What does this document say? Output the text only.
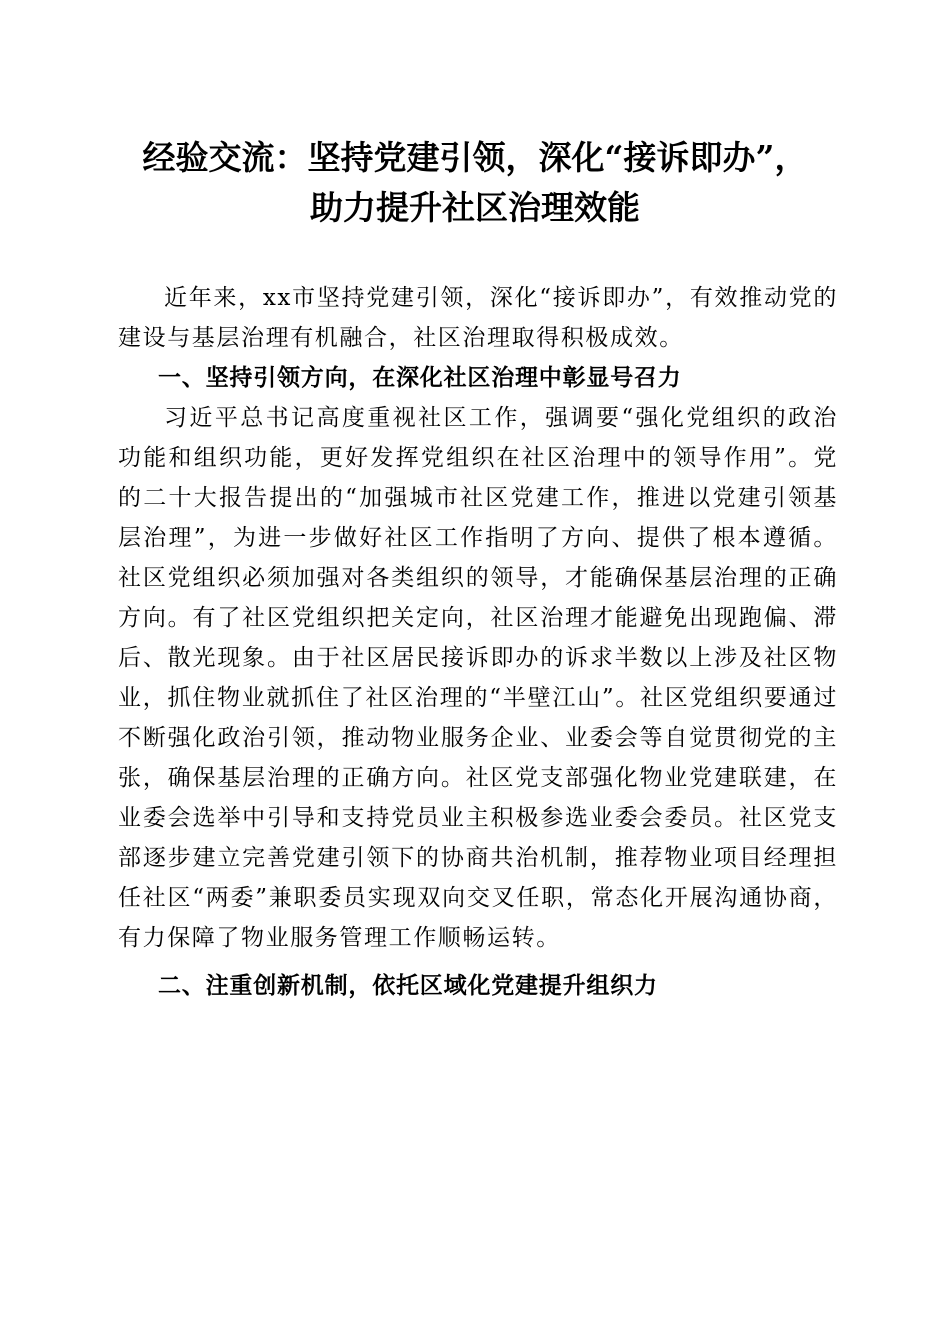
经验交流：坚持党建引领，深化“接诉即办”，
助力提升社区治理效能

近年来，xx市坚持党建引领，深化“接诉即办”，有效推动党的建设与基层治理有机融合，社区治理取得积极成效。

一、坚持引领方向，在深化社区治理中彰显号召力

习近平总书记高度重视社区工作，强调要“强化党组织的政治功能和组织功能，更好发挥党组织在社区治理中的领导作用”。党的二十大报告提出的“加强城市社区党建工作，推进以党建引领基层治理”，为进一步做好社区工作指明了方向、提供了根本遵循。社区党组织必须加强对各类组织的领导，才能确保基层治理的正确方向。有了社区党组织把关定向，社区治理才能避免出现跑偏、滞后、散光现象。由于社区居民接诉即办的诉求半数以上涉及社区物业，抓住物业就抓住了社区治理的“半壁江山”。社区党组织要通过不断强化政治引领，推动物业服务企业、业委会等自觉贯彻党的主张，确保基层治理的正确方向。社区党支部强化物业党建联建，在业委会选举中引导和支持党员业主积极参选业委会委员。社区党支部逐步建立完善党建引领下的协商共治机制，推荐物业项目经理担任社区“两委”兼职委员实现双向交叉任职，常态化开展沟通协商，有力保障了物业服务管理工作顺畅运转。

二、注重创新机制，依托区域化党建提升组织力
